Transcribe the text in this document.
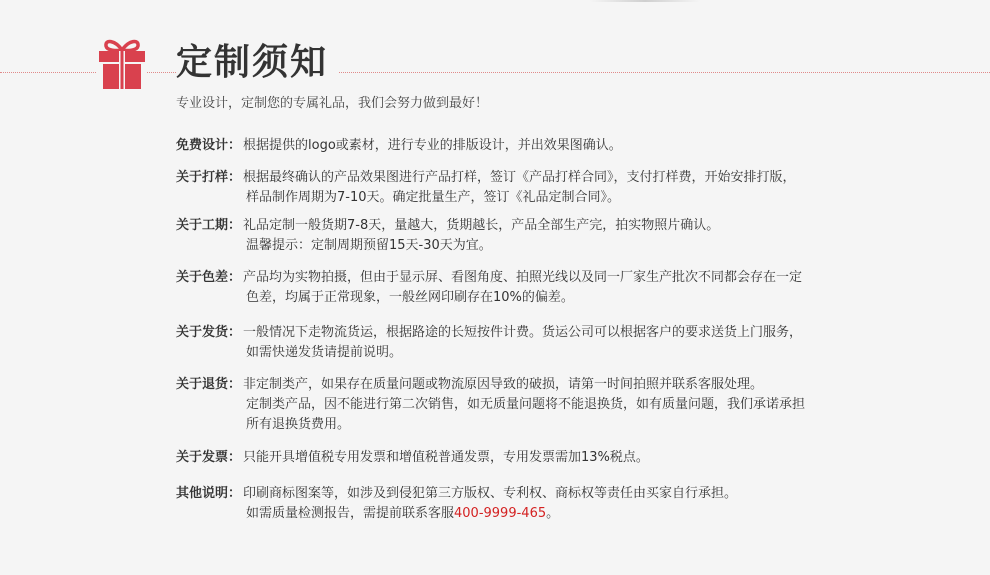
定制须知
专业设计，定制您的专属礼品，我们会努力做到最好！
免费设计： 根据提供的logo或素材，进行专业的排版设计，并出效果图确认。
关于打样： 根据最终确认的产品效果图进行产品打样，签订《产品打样合同》，支付打样费，开始安排打版，
样品制作周期为7-10天。确定批量生产，签订《礼品定制合同》。
关于工期： 礼品定制一般货期7-8天，量越大，货期越长，产品全部生产完，拍实物照片确认。
温馨提示：定制周期预留15天-30天为宜。
关于色差： 产品均为实物拍摄，但由于显示屏、看图角度、拍照光线以及同一厂家生产批次不同都会存在一定
色差，均属于正常现象，一般丝网印刷存在10%的偏差。
关于发货： 一般情况下走物流货运，根据路途的长短按件计费。货运公司可以根据客户的要求送货上门服务，
如需快递发货请提前说明。
关于退货： 非定制类产，如果存在质量问题或物流原因导致的破损，请第一时间拍照并联系客服处理。
定制类产品，因不能进行第二次销售，如无质量问题将不能退换货，如有质量问题，我们承诺承担
所有退换货费用。
关于发票： 只能开具增值税专用发票和增值税普通发票，专用发票需加13%税点。
其他说明： 印刷商标图案等，如涉及到侵犯第三方版权、专利权、商标权等责任由买家自行承担。
如需质量检测报告，需提前联系客服400-9999-465。
